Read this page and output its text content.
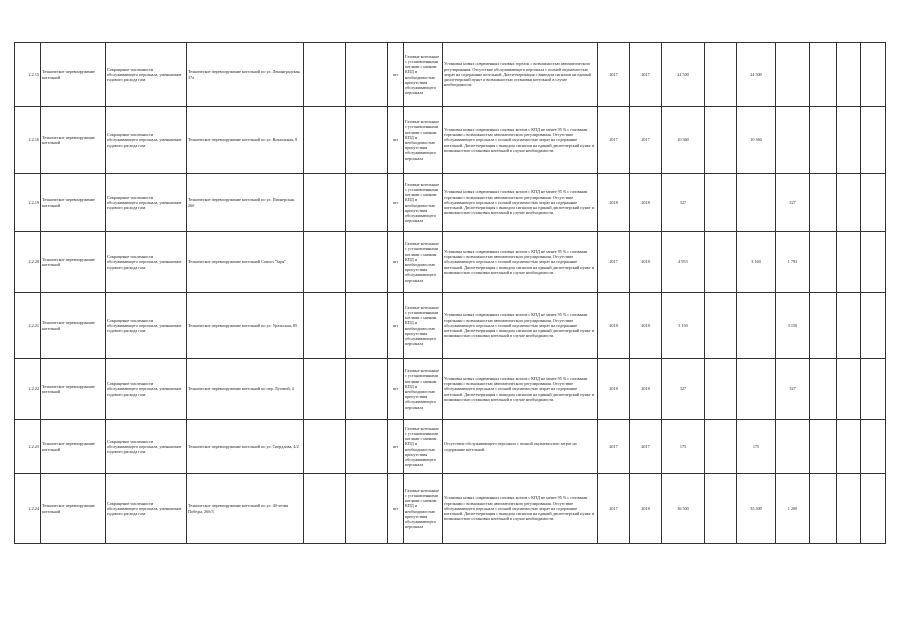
2.2.15	Техническое перевооружение котельной	Сокращение численности обслуживающего персонала, уменьшение годового расхода газа	Техническое перевооружение котельной по ул. Ленинградская, 37а			шт	Газовые котельные с установленными котлами с низким КПД и необходимостью присутствия обслуживающего персонала	Установка новых современных газовых горелок с возможностью автоматического регулирования. Отсутствие обслуживающего персонала с полной окупаемостью затрат на содержание котельной. Диспетчеризация с выводом сигналов на единый диспетчерский пункт и возможностью остановки котельной в случае необходимости.	2017	2017	24 500		24 500				
2.2.16	Техническое перевооружение котельной	Сокращение численности обслуживающего персонала, уменьшение годового расхода газа	Техническое перевооружение котельной по ул. Вокзальная, 8			шт	Газовые котельные с установленными котлами с низким КПД и необходимостью присутствия обслуживающего персонала	Установка новых современных газовых котлов с КПД не менее 95 % с газовыми горелками с возможностью автоматического регулирования. Отсутствие обслуживающего персонала с полной окупаемостью затрат на содержание котельной. Диспетчеризация с выводом сигналов на единый диспетчерский пункт и возможностью остановки котельной в случае необходимости.	2017	2017	10 360		10 360				
2.2.19	Техническое перевооружение котельной	Сокращение численности обслуживающего персонала, уменьшение годового расхода газа	Техническое перевооружение котельной по ул. Пионерская, 26б			шт	Газовые котельные с установленными котлами с низким КПД и необходимостью присутствия обслуживающего персонала	Установка новых современных газовых котлов с КПД не менее 95 % с газовыми горелками с возможностью автоматического регулирования. Отсутствие обслуживающего персонала с полной окупаемостью затрат на содержание котельной. Диспетчеризация с выводом сигналов на единый диспетчерский пункт и возможностью остановки котельной в случае необходимости.	2018	2018	327			327			
2.2.20	Техническое перевооружение котельной	Сокращение численности обслуживающего персонала, уменьшение годового расхода газа	Техническое перевооружение котельной Совхоз "Заря"			шт	Газовые котельные с установленными котлами с низким КПД и необходимостью присутствия обслуживающего персонала	Установка новых современных газовых котлов с КПД не менее 95 % с газовыми горелками с возможностью автоматического регулирования. Отсутствие обслуживающего персонала с полной окупаемостью затрат на содержание котельной. Диспетчеризация с выводом сигналов на единый диспетчерский пункт и возможностью остановки котельной в случае необходимости.	2017	2018	4 953		3 160	1 793			
2.2.21	Техническое перевооружение котельной	Сокращение численности обслуживающего персонала, уменьшение годового расхода газа	Техническое перевооружение котельной по ул. Уральская, 85			шт	Газовые котельные с установленными котлами с низким КПД и необходимостью присутствия обслуживающего персонала	Установка новых современных газовых котлов с КПД не менее 95 % с газовыми горелками с возможностью автоматического регулирования. Отсутствие обслуживающего персонала с полной окупаемостью затрат на содержание котельной. Диспетчеризация с выводом сигналов на единый диспетчерский пункт и возможностью остановки котельной в случае необходимости.	2018	2018	3 150			3 150			
2.2.22	Техническое перевооружение котельной	Сокращение численности обслуживающего персонала, уменьшение годового расхода газа	Техническое перевооружение котельной по пер. Луговой, 4			шт	Газовые котельные с установленными котлами с низким КПД и необходимостью присутствия обслуживающего персонала	Установка новых современных газовых котлов с КПД не менее 95 % с газовыми горелками с возможностью автоматического регулирования. Отсутствие обслуживающего персонала с полной окупаемостью затрат на содержание котельной. Диспетчеризация с выводом сигналов на единый диспетчерский пункт и возможностью остановки котельной в случае необходимости.	2018	2018	327			327			
2.2.23	Техническое перевооружение котельной	Сокращение численности обслуживающего персонала, уменьшение годового расхода газа	Техническое перевооружение котельной по ул. Свердлова, 4/2			шт	Газовые котельные с установленными котлами с низким КПД и необходимостью присутствия обслуживающего персонала	Отсутствие обслуживающего персонала с полной окупаемостью затрат на содержание котельной.	2017	2017	175		175				
2.2.24	Техническое перевооружение котельной	Сокращение численности обслуживающего персонала, уменьшение годового расхода газа	Техническое перевооружение котельной по ул. 40-летия Победы, 26б/3			шт	Газовые котельные с установленными котлами с низким КПД и необходимостью присутствия обслуживающего персонала	Установка новых современных газовых котлов с КПД не менее 95 % с газовыми горелками с возможностью автоматического регулирования. Отсутствие обслуживающего персонала с полной окупаемостью затрат на содержание котельной. Диспетчеризация с выводом сигналов на единый диспетчерский пункт и возможностью остановки котельной в случае необходимости.	2017	2018	36 500		35 300	1 200			
